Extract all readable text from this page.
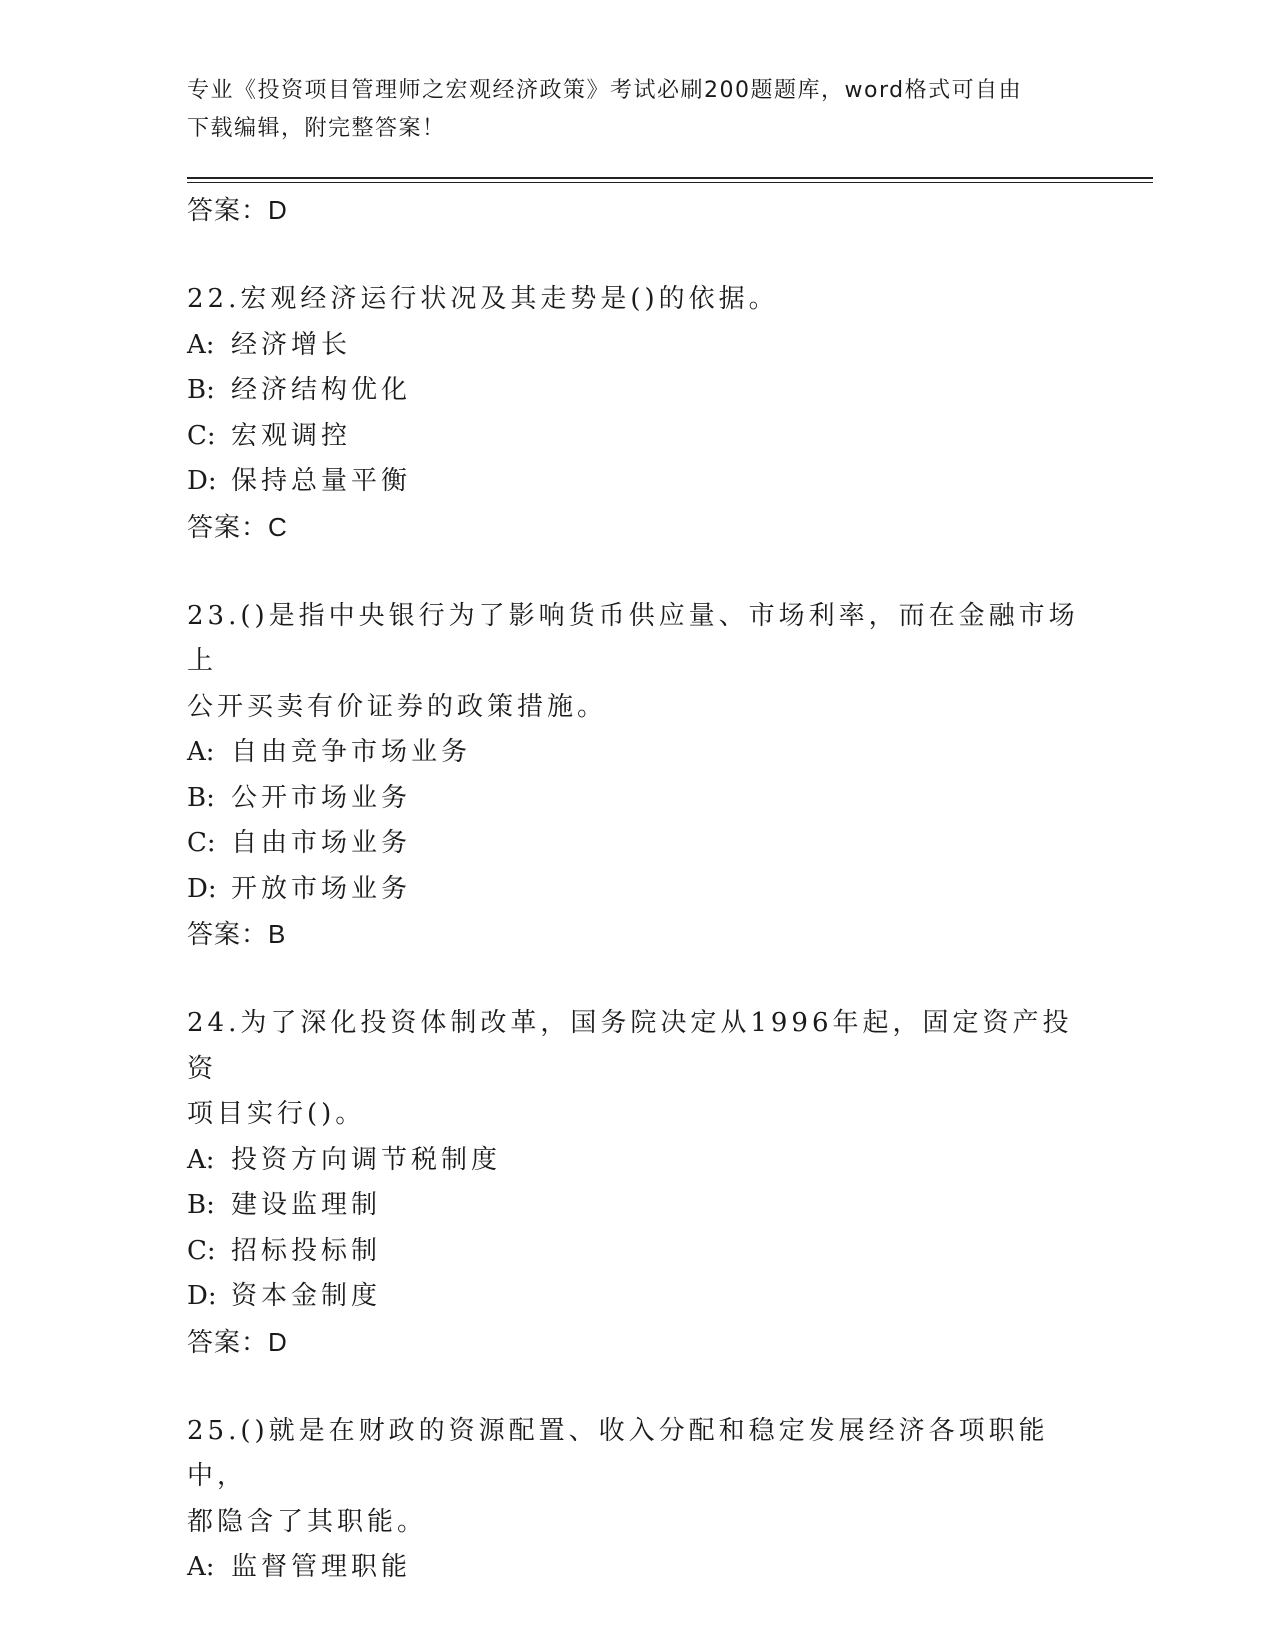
专业《投资项目管理师之宏观经济政策》考试必刷200题题库，word格式可自由
下载编辑，附完整答案！
答案：D
22.宏观经济运行状况及其走势是()的依据。
A: 经济增长
B: 经济结构优化
C: 宏观调控
D: 保持总量平衡
答案：C
23.()是指中央银行为了影响货币供应量、市场利率，而在金融市场上
公开买卖有价证券的政策措施。
A: 自由竞争市场业务
B: 公开市场业务
C: 自由市场业务
D: 开放市场业务
答案：B
24.为了深化投资体制改革，国务院决定从1996年起，固定资产投资
项目实行()。
A: 投资方向调节税制度
B: 建设监理制
C: 招标投标制
D: 资本金制度
答案：D
25.()就是在财政的资源配置、收入分配和稳定发展经济各项职能中，
都隐含了其职能。
A: 监督管理职能
